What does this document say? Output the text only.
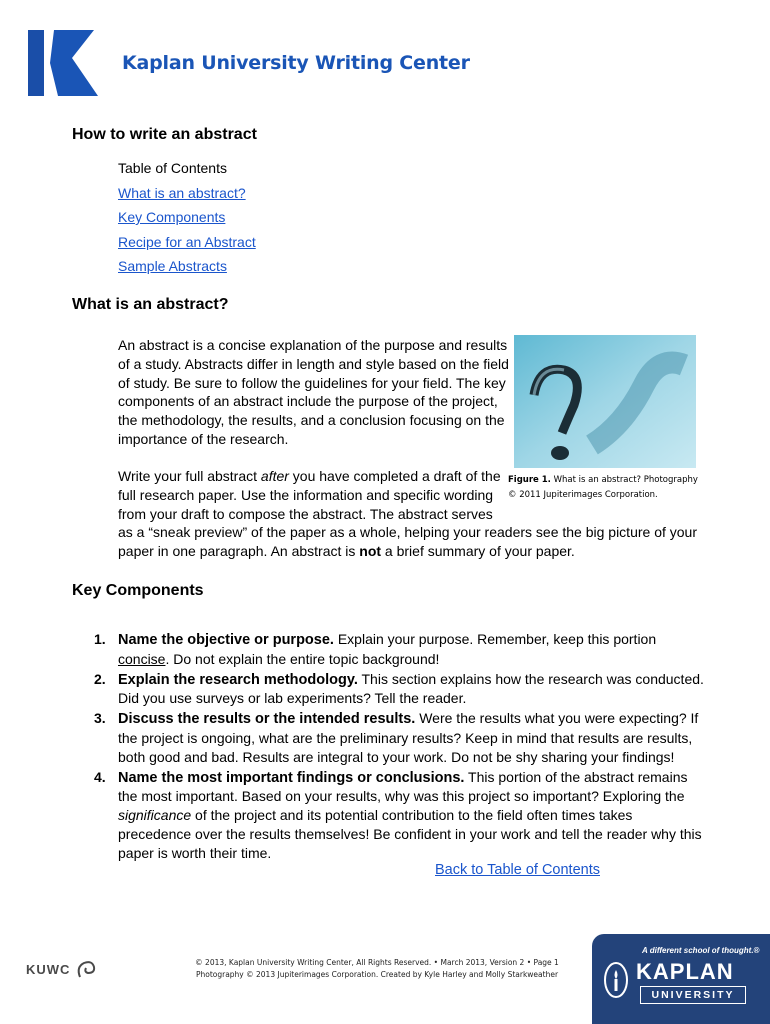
Kaplan University Writing Center
How to write an abstract
Table of Contents
What is an abstract?
Key Components
Recipe for an Abstract
Sample Abstracts
What is an abstract?
An abstract is a concise explanation of the purpose and results of a study. Abstracts differ in length and style based on the field of study. Be sure to follow the guidelines for your field. The key components of an abstract include the purpose of the project, the methodology, the results, and a conclusion focusing on the importance of the research.
Write your full abstract after you have completed a draft of the full research paper. Use the information and specific wording from your draft to compose the abstract. The abstract serves as a “sneak preview” of the paper as a whole, helping your readers see the big picture of your paper in one paragraph. An abstract is not a brief summary of your paper.
Figure 1. What is an abstract? Photography © 2011 Jupiterimages Corporation.
Key Components
1. Name the objective or purpose. Explain your purpose. Remember, keep this portion concise. Do not explain the entire topic background!
2. Explain the research methodology. This section explains how the research was conducted. Did you use surveys or lab experiments? Tell the reader.
3. Discuss the results or the intended results. Were the results what you were expecting? If the project is ongoing, what are the preliminary results? Keep in mind that results are results, both good and bad. Results are integral to your work. Do not be shy sharing your findings!
4. Name the most important findings or conclusions. This portion of the abstract remains the most important. Based on your results, why was this project so important? Exploring the significance of the project and its potential contribution to the field often times takes precedence over the results themselves! Be confident in your work and tell the reader why this paper is worth their time.
Back to Table of Contents
KUWC	© 2013, Kaplan University Writing Center, All Rights Reserved. • March 2013, Version 2 • Page 1
Photography © 2013 Jupiterimages Corporation. Created by Kyle Harley and Molly Starkweather
A different school of thought.®
KAPLAN
UNIVERSITY
